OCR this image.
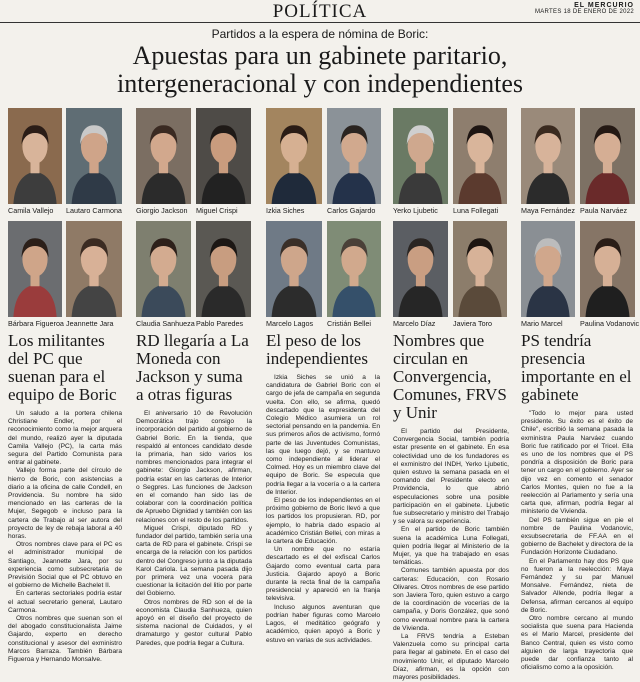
POLÍTICA	EL MERCURIO
MARTES 18 DE ENERO DE 2022
Partidos a la espera de nómina de Boric:
Apuestas para un gabinete paritario,
intergeneracional y con independientes
Camila Vallejo Lautaro Carmona Giorgio Jackson Miguel Crispi	Izkia Siches	Carlos Gajardo Yerko Ljubetic Luna Follegati	Maya Fernández Paula Narváez
Bárbara Figueroa Jeannette Jara	Claudia Sanhueza Pablo Paredes	Marcelo Lagos Cristián Bellei	Marcelo Díaz Javiera Toro	Mario Marcel Paulina Vodanovic
Los militantes del PC que suenan para el equipo de Boric

Un saludo a la portera chilena Christiane Endler, por el reconocimiento como la mejor arquera del mundo, realizó ayer la diputada Camila Vallejo (PC), la carta más segura del Partido Comunista para entrar al gabinete.

Vallejo forma parte del círculo de hierro de Boric, con asistencias a diario a la oficina de calle Condell, en Providencia. Su nombre ha sido mencionado en las carteras de la Mujer, Segegob e incluso para la cartera de Trabajo al ser autora del proyecto de ley de rebaja laboral a 40 horas.

Otros nombres clave para el PC es el administrador municipal de Santiago, Jeannette Jara, por su experiencia como subsecretaria de Previsión Social que el PC obtuvo en el gobierno de Michelle Bachelet II.

En carteras sectoriales podría estar el actual secretario general, Lautaro Carmona.

Otros nombres que suenan son el del abogado constitucionalista Jaime Gajardo, experto en derecho constitucional y asesor del exministro Marcos Barraza. También Bárbara Figueroa y Hernando Monsalve.

RD llegaría a La Moneda con Jackson y suma a otras figuras

El aniversario 10 de Revolución Democrática trajo consigo la incorporación del partido al gobierno de Gabriel Boric. En la tienda, que respaldó al entonces candidato desde la primaria, han sido varios los nombres mencionados para integrar el gabinete: Giorgio Jackson, afirman, podría estar en las carteras de Interior o Segpres. Las funciones de Jackson en el comando han sido las de colaborar con la coordinación política de Apruebo Dignidad y también con las relaciones con el resto de los partidos.

Miguel Crispi, diputado RD y fundador del partido, también sería una carta de RD para el gabinete. Crispi se encarga de la relación con los partidos dentro del Congreso junto a la diputada Karol Cariola. La semana pasada dijo por primera vez una vocera para cuestionar la licitación del litio por parte del Gobierno.

Otros nombres de RD son el de la economista Claudia Sanhueza, quien apoyó en el diseño del proyecto de sistema nacional de Cuidados, y el dramaturgo y gestor cultural Pablo Paredes, que podría llegar a Cultura.

El peso de los independientes

Izkia Siches se unió a la candidatura de Gabriel Boric con el cargo de jefa de campaña en segunda vuelta. Con ello, se afirma, quedó descartado que la expresidenta del Colegio Médico asumiera un rol sectorial pensando en la pandemia. En sus primeros años de activismo, formó parte de las Juventudes Comunistas, las que luego dejó, y se mantuvo como independiente al liderar el Colmed. Hoy es un miembro clave del equipo de Boric. Se especula que podría llegar a la vocería o a la cartera de Interior.

El peso de los independientes en el próximo gobierno de Boric llevó a que los partidos los propusieran. RD, por ejemplo, lo habría dado espacio al académico Cristián Bellei, con miras a la cartera de Educación.

Un nombre que no estaría descartado es el del exfiscal Carlos Gajardo como eventual carta para Justicia. Gajardo apoyó a Boric durante la recta final de la campaña presidencial y apareció en la franja televisiva.

Incluso algunos aventuran que podrían haber figuras como Marcelo Lagos, el meditático geógrafo y académico, quien apoyó a Boric y estuvo en varias de sus actividades.

Nombres que circulan en Convergencia, Comunes, FRVS y Unir

El partido del Presidente, Convergencia Social, también podría estar presente en el gabinete. En esa colectividad uno de los fundadores es el exministro del INDH, Yerko Ljubetic, quien estuvo la semana pasada en el comando del Presidente electo en Providencia, lo que abrió especulaciones sobre una posible participación en el gabinete. Ljubetic fue subsecretario y ministro del Trabajo y se valora su experiencia.

En el partido de Boric también suena la académica Luna Follegati, quien podría llegar al Ministerio de la Mujer, ya que ha trabajado en esas temáticas.

Comunes también apuesta por dos carteras: Educación, con Rosario Olivares. Otros nombres de ese partido son Javiera Toro, quien estuvo a cargo de la coordinación de vocerías de la campaña, y Doris González, que sonó como eventual nombre para la cartera de Vivienda.

La FRVS tendría a Esteban Valenzuela como su principal carta para llegar al gabinete. En el caso del movimiento Unir, el diputado Marcelo Díaz, afirman, es la opción con mayores posibilidades.

PS tendría presencia importante en el gabinete

"Todo lo mejor para usted presidente. Su éxito es el éxito de Chile", escribió la semana pasada la exministra Paula Narváez cuando Boric fue ratificado por el Tricel. Ella es uno de los nombres que el PS pondría a disposición de Boric para tener un cargo en el gobierno. Ayer se dijo vez en comento el senador Carlos Montes, quien no fue a la reelección al Parlamento y sería una carta que, afirman, podría llegar al ministerio de Vivienda.

Del PS también sigue en pie el nombre de Paulina Vodanovic, exsubsecretaria de FF.AA en el gobierno de Bachelet y directora de la Fundación Horizonte Ciudadano.

En el Parlamento hay dos PS que no fueron a la reelección: Maya Fernández y su par Manuel Monsalve. Fernández, nieta de Salvador Allende, podría llegar a Defensa, afirman cercanos al equipo de Boric.

Otro nombre cercano al mundo socialista que suena para Hacienda es el Mario Marcel, presidente del Banco Central, quien es visto como alguien de larga trayectoria que puede dar confianza tanto al oficialismo como a la oposición.
